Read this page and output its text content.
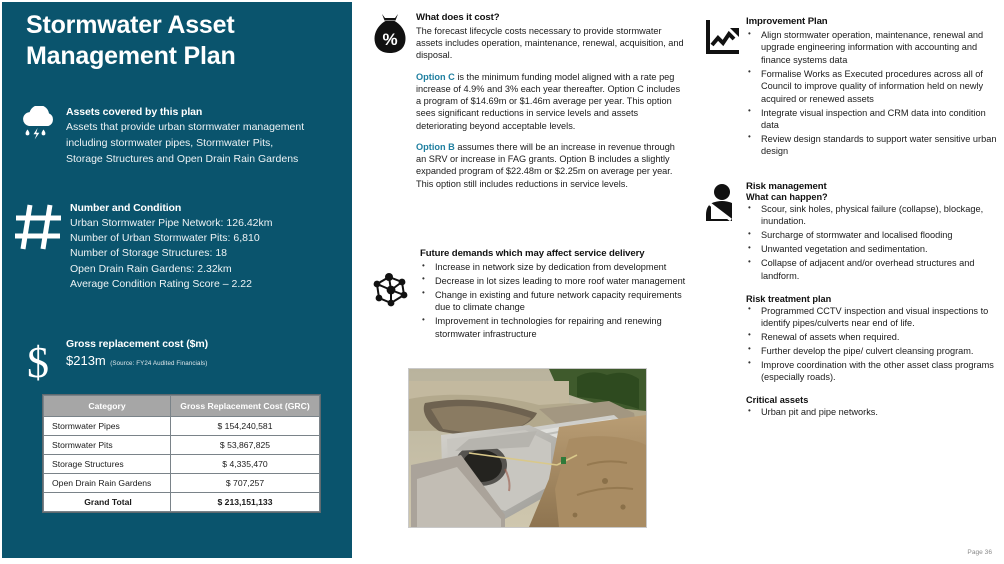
Stormwater Asset
Management Plan
Assets covered by this plan
Assets that provide urban stormwater management
including stormwater pipes, Stormwater Pits,
Storage Structures and Open Drain Rain Gardens
Number and Condition
Urban Stormwater Pipe Network: 126.42km
Number of Urban Stormwater Pits: 6,810
Number of Storage Structures: 18
Open Drain Rain Gardens: 2.32km
Average Condition Rating Score – 2.22
$ Gross replacement cost ($m)
$213m (Source: FY24 Audited Financials)
Category	Gross Replacement Cost (GRC)
Stormwater Pipes	$ 154,240,581
Stormwater Pits	$ 53,867,825
Storage Structures	$ 4,335,470
Open Drain Rain Gardens	$ 707,257
Grand Total	$ 213,151,133
%
What does it cost?

The forecast lifecycle costs necessary to provide stormwater assets includes operation, maintenance, renewal, acquisition, and disposal.

Option C is the minimum funding model aligned with a rate peg increase of 4.9% and 3% each year thereafter. Option C includes a program of $14.69m or $1.46m average per year. This option sees significant reductions in service levels and assets deteriorating beyond acceptable levels.

Option B assumes there will be an increase in revenue through an SRV or increase in FAG grants. Option B includes a slightly expanded program of $22.48m or $2.25m on average per year. This option still includes reductions in service levels.

Future demands which may affect service delivery
• Increase in network size by dedication from development
• Decrease in lot sizes leading to more roof water management
• Change in existing and future network capacity requirements due to climate change
• Improvement in technologies for repairing and renewing stormwater infrastructure
Improvement Plan
• Align stormwater operation, maintenance, renewal and upgrade engineering information with accounting and finance systems data
• Formalise Works as Executed procedures across all of Council to improve quality of information held on newly acquired or renewed assets
• Integrate visual inspection and CRM data into condition data
• Review design standards to support water sensitive urban design
Risk management
What can happen?
• Scour, sink holes, physical failure (collapse), blockage, inundation.
• Surcharge of stormwater and localised flooding
• Unwanted vegetation and sedimentation.
• Collapse of adjacent and/or overhead structures and landform.
Risk treatment plan
• Programmed CCTV inspection and visual inspections to identify pipes/culverts near end of life.
• Renewal of assets when required.
• Further develop the pipe/ culvert cleansing program.
• Improve coordination with the other asset class programs (especially roads).
Critical assets
• Urban pit and pipe networks.
Page 36
